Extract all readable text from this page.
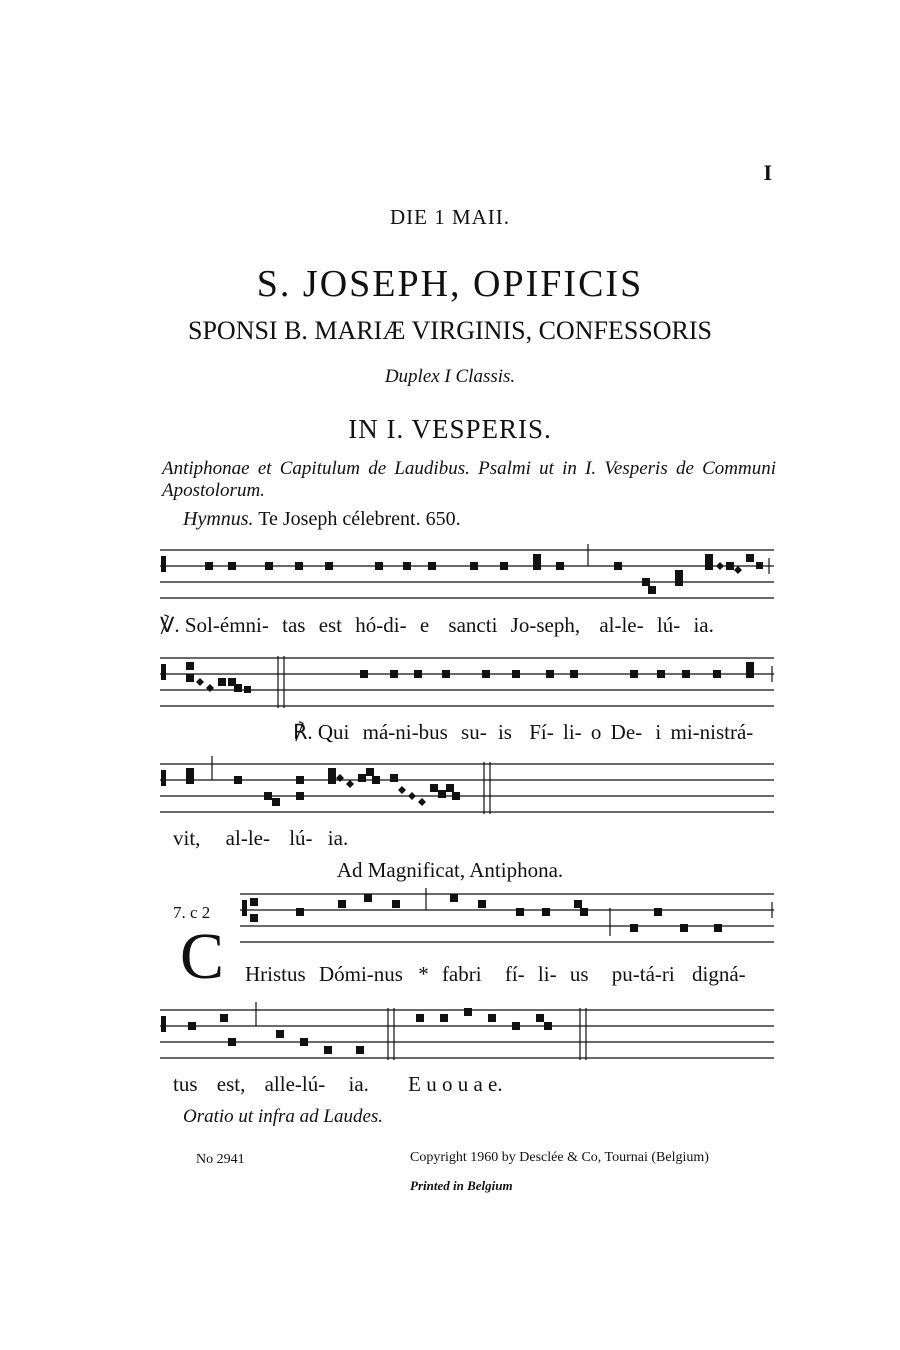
I
DIE 1 MAII.
S. JOSEPH, OPIFICIS
SPONSI B. MARIÆ VIRGINIS, CONFESSORIS
Duplex I Classis.
IN I. VESPERIS.
Antiphonae et Capitulum de Laudibus. Psalmi ut in I. Vesperis de Communi Apostolorum.
Hymnus. Te Joseph célebrent. 650.
℣. Sol-émni- tas est hó-di- e sancti Jo-seph, al-le- lú- ia.
℟. Qui má-ni-bus su- is Fí- li- o De- i mi-nistrá-
vit, al-le- lú- ia.
Ad Magnificat, Antiphona.
7. c 2
C Hristus Dómi-nus * fabri fí- li- us pu-tá-ri digná-
tus est, alle-lú- ia. E u o u a e.
Oratio ut infra ad Laudes.
No 2941	Copyright 1960 by Desclée & Co, Tournai (Belgium)
Printed in Belgium
